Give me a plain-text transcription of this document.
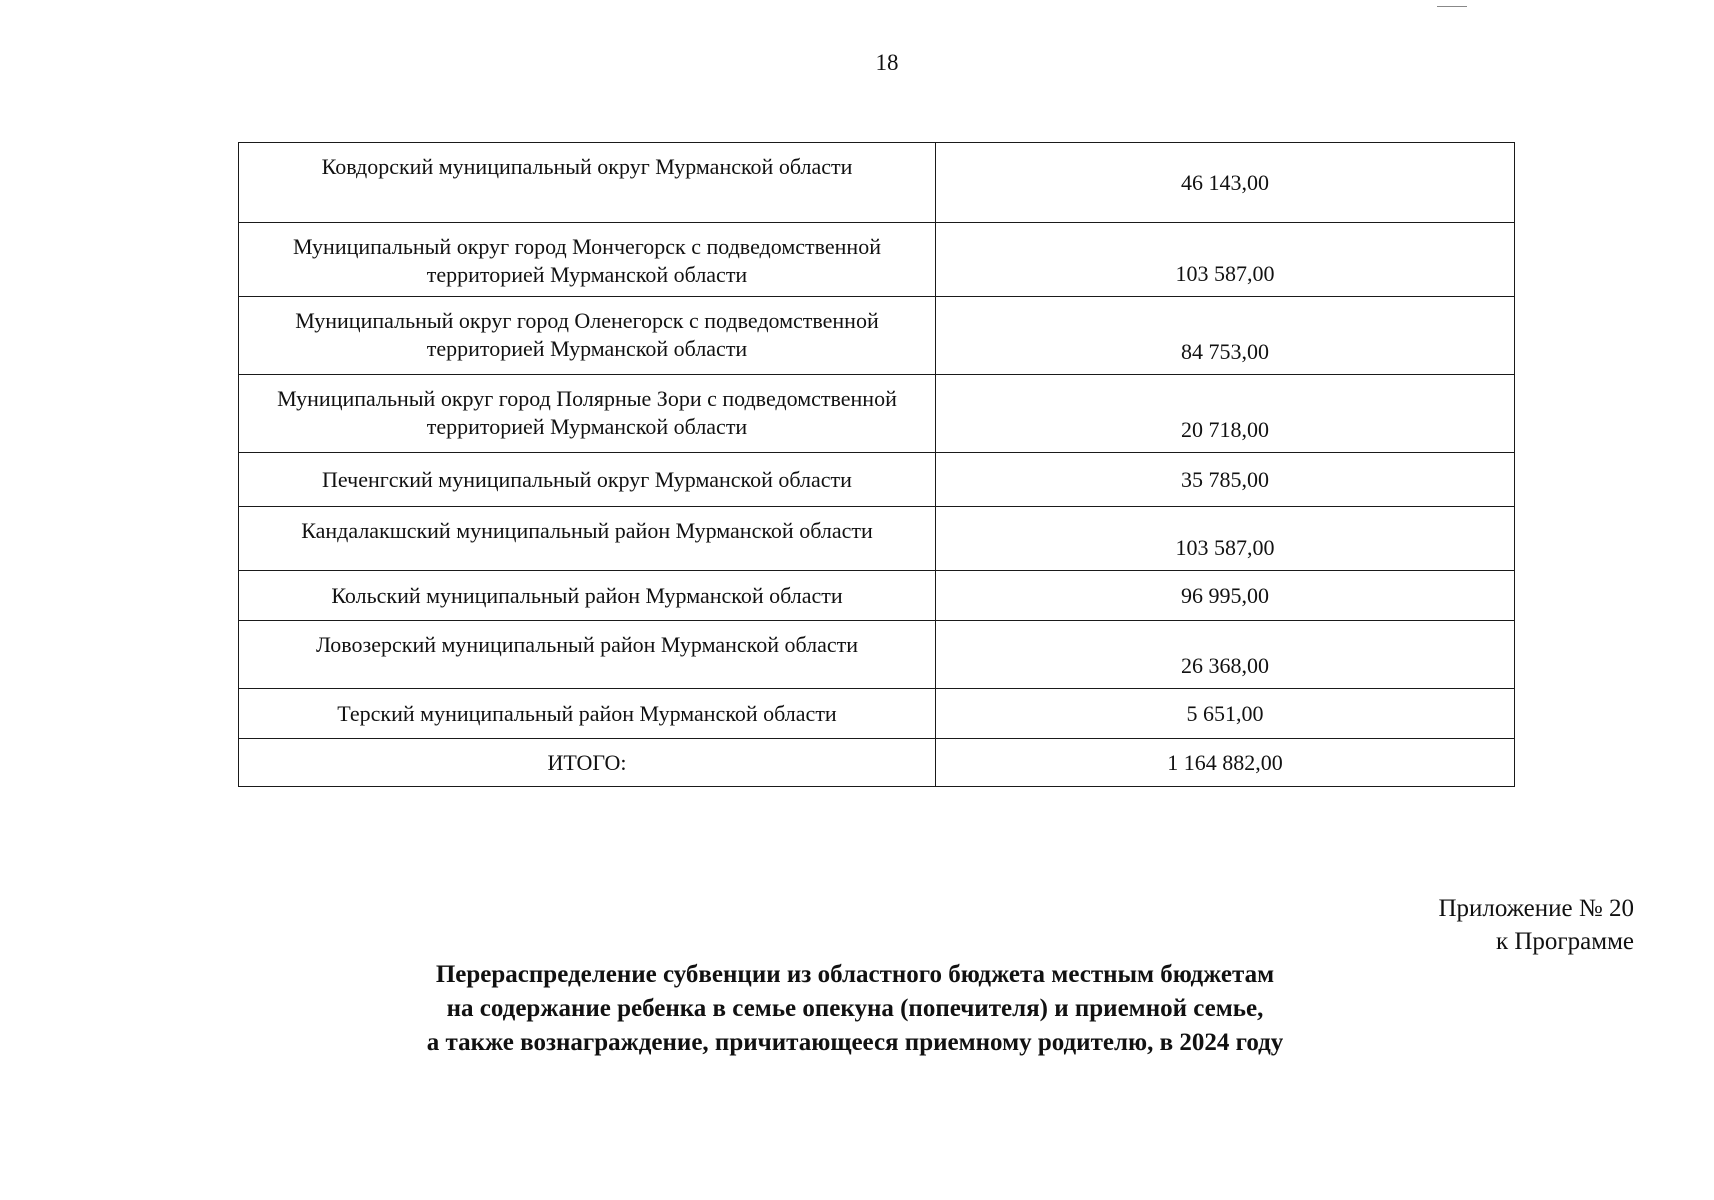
18
Ковдорский муниципальный округ Мурманской области	46 143,00
Муниципальный округ город Мончегорск с подведомственной территорией Мурманской области	103 587,00
Муниципальный округ город Оленегорск с подведомственной территорией Мурманской области	84 753,00
Муниципальный округ город Полярные Зори с подведомственной территорией Мурманской области	20 718,00
Печенгский муниципальный округ Мурманской области	35 785,00
Кандалакшский муниципальный район Мурманской области	103 587,00
Кольский муниципальный район Мурманской области	96 995,00
Ловозерский муниципальный район Мурманской области	26 368,00
Терский муниципальный район Мурманской области	5 651,00
ИТОГО:	1 164 882,00
Приложение № 20
к Программе
Перераспределение субвенции из областного бюджета местным бюджетам
на содержание ребенка в семье опекуна (попечителя) и приемной семье,
а также вознаграждение, причитающееся приемному родителю, в 2024 году
